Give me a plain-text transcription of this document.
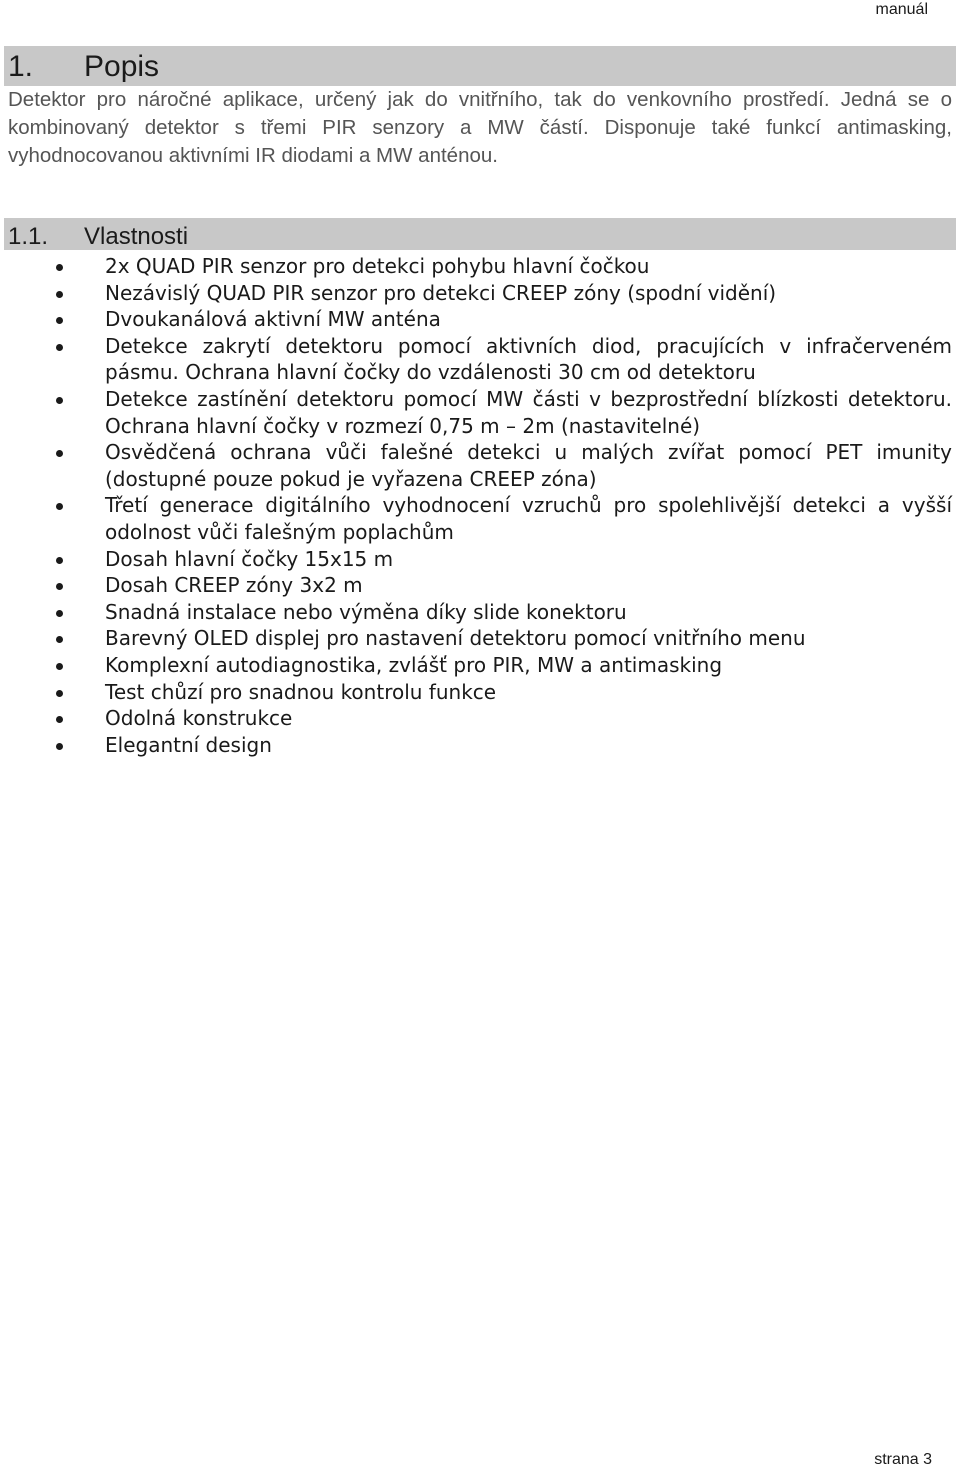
manuál
1. Popis

Detektor pro náročné aplikace, určený jak do vnitřního, tak do venkovního prostředí. Jedná se o kombinovaný detektor s třemi PIR senzory a MW částí. Disponuje také funkcí antimasking, vyhodnocovanou aktivními IR diodami a MW anténou.

1.1. Vlastnosti
2x QUAD PIR senzor pro detekci pohybu hlavní čočkou
Nezávislý QUAD PIR senzor pro detekci CREEP zóny (spodní vidění)
Dvoukanálová aktivní MW anténa
Detekce zakrytí detektoru pomocí aktivních diod, pracujících v infračerveném pásmu. Ochrana hlavní čočky do vzdálenosti 30 cm od detektoru
Detekce zastínění detektoru pomocí MW části v bezprostřední blízkosti detektoru. Ochrana hlavní čočky v rozmezí 0,75 m – 2m (nastavitelné)
Osvědčená ochrana vůči falešné detekci u malých zvířat pomocí PET imunity (dostupné pouze pokud je vyřazena CREEP zóna)
Třetí generace digitálního vyhodnocení vzruchů pro spolehlivější detekci a vyšší odolnost vůči falešným poplachům
Dosah hlavní čočky 15x15 m
Dosah CREEP zóny 3x2 m
Snadná instalace nebo výměna díky slide konektoru
Barevný OLED displej pro nastavení detektoru pomocí vnitřního menu
Komplexní autodiagnostika, zvlášť pro PIR, MW a antimasking
Test chůzí pro snadnou kontrolu funkce
Odolná konstrukce
Elegantní design
strana 3
